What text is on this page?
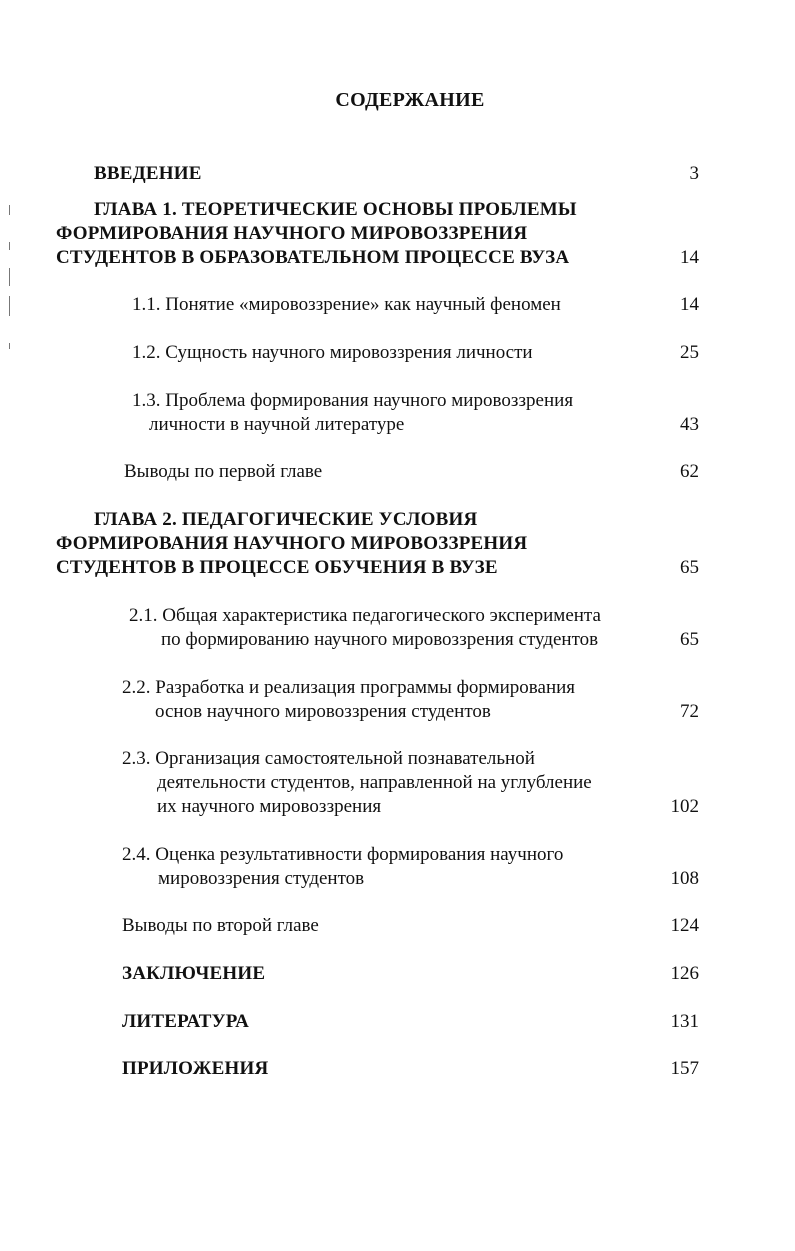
СОДЕРЖАНИЕ
ВВЕДЕНИЕ	3
ГЛАВА 1. ТЕОРЕТИЧЕСКИЕ ОСНОВЫ ПРОБЛЕМЫ
ФОРМИРОВАНИЯ НАУЧНОГО МИРОВОЗЗРЕНИЯ
СТУДЕНТОВ В ОБРАЗОВАТЕЛЬНОМ ПРОЦЕССЕ ВУЗА	14
1.1. Понятие «мировоззрение» как научный феномен	14
1.2. Сущность научного мировоззрения личности	25
1.3. Проблема формирования научного мировоззрения
личности в научной литературе	43
Выводы по первой главе	62
ГЛАВА 2. ПЕДАГОГИЧЕСКИЕ УСЛОВИЯ
ФОРМИРОВАНИЯ НАУЧНОГО МИРОВОЗЗРЕНИЯ
СТУДЕНТОВ В ПРОЦЕССЕ ОБУЧЕНИЯ В ВУЗЕ	65
2.1. Общая характеристика педагогического эксперимента
по формированию научного мировоззрения студентов	65
2.2. Разработка и реализация программы формирования
основ научного мировоззрения студентов	72
2.3. Организация самостоятельной познавательной
деятельности студентов, направленной на углубление
их научного мировоззрения	102
2.4. Оценка результативности формирования научного
мировоззрения студентов	108
Выводы по второй главе	124
ЗАКЛЮЧЕНИЕ	126
ЛИТЕРАТУРА	131
ПРИЛОЖЕНИЯ	157
